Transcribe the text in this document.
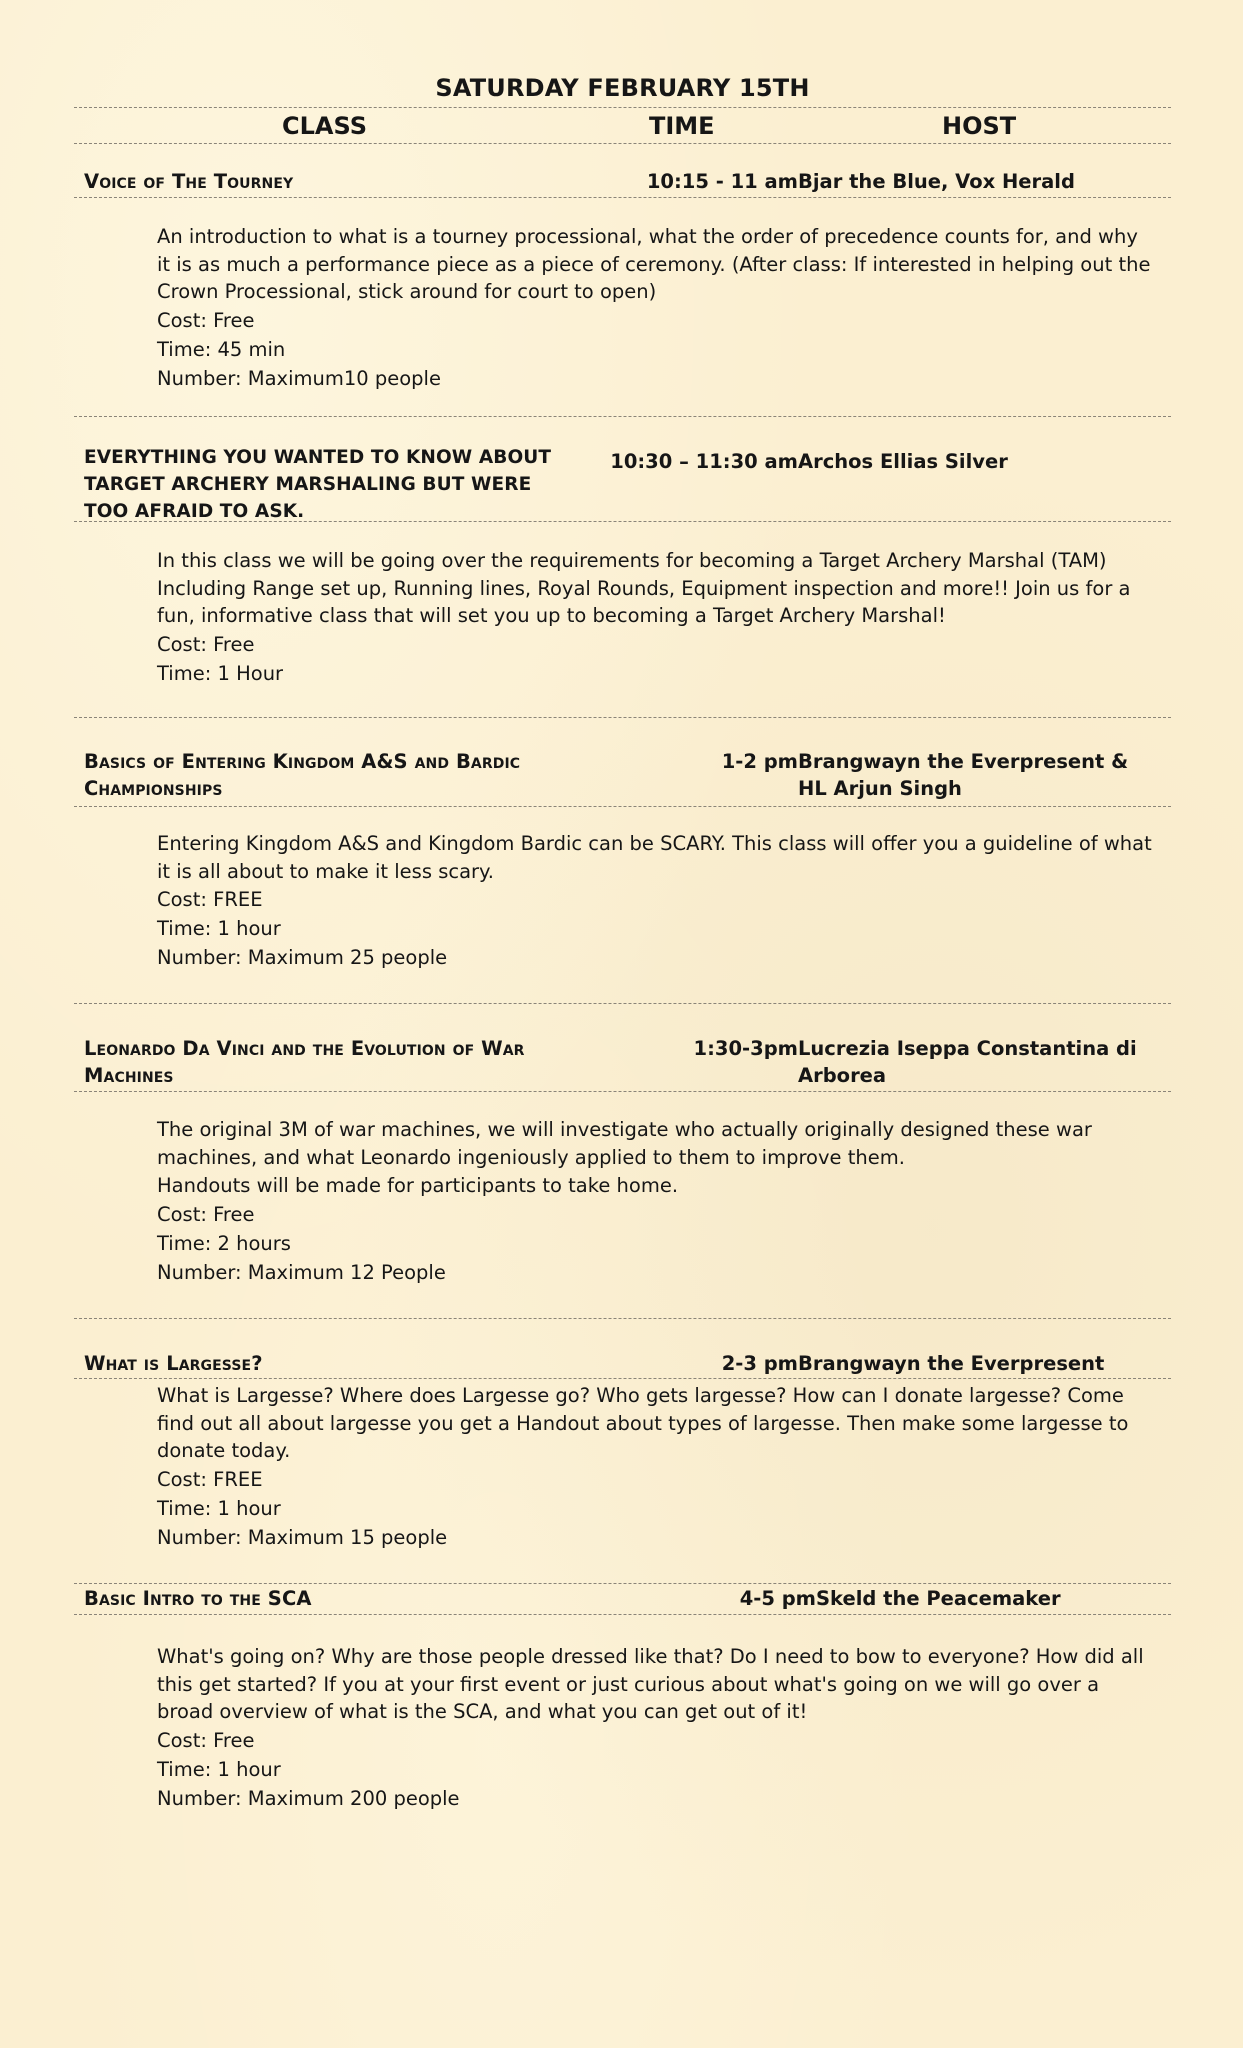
SATURDAY FEBRUARY 15TH
CLASS	TIME	HOST
Voice of The Tourney	10:15 - 11 am Bjar the Blue, Vox Herald

An introduction to what is a tourney processional, what the order of precedence counts for, and why it is as much a performance piece as a piece of ceremony. (After class: If interested in helping out the Crown Processional, stick around for court to open)

Cost: Free

Time: 45 min

Number: Maximum10 people

EVERYTHING YOU WANTED TO KNOW ABOUT TARGET ARCHERY MARSHALING BUT WERE TOO AFRAID TO ASK.
10:30 – 11:30 am Archos Ellias Silver

In this class we will be going over the requirements for becoming a Target Archery Marshal (TAM) Including Range set up, Running lines, Royal Rounds, Equipment inspection and more!! Join us for a fun, informative class that will set you up to becoming a Target Archery Marshal!

Cost: Free

Time: 1 Hour

Basics of Entering Kingdom A&S and Bardic Championships
1-2 pm Brangwayn the Everpresent & HL Arjun Singh

Entering Kingdom A&S and Kingdom Bardic can be SCARY. This class will offer you a guideline of what it is all about to make it less scary.

Cost: FREE

Time: 1 hour

Number: Maximum 25 people

Leonardo Da Vinci and the Evolution of War Machines
1:30-3pm Lucrezia Iseppa Constantina di Arborea

The original 3M of war machines, we will investigate who actually originally designed these war machines, and what Leonardo ingeniously applied to them to improve them.

Handouts will be made for participants to take home.

Cost: Free

Time: 2 hours

Number: Maximum 12 People

What is Largesse?	2-3 pm Brangwayn the Everpresent

What is Largesse? Where does Largesse go? Who gets largesse? How can I donate largesse? Come find out all about largesse you get a Handout about types of largesse. Then make some largesse to donate today.

Cost: FREE

Time: 1 hour

Number: Maximum 15 people

Basic Intro to the SCA	4-5 pm Skeld the Peacemaker

What's going on? Why are those people dressed like that? Do I need to bow to everyone? How did all this get started? If you at your first event or just curious about what's going on we will go over a broad overview of what is the SCA, and what you can get out of it!

Cost: Free

Time: 1 hour

Number: Maximum 200 people
